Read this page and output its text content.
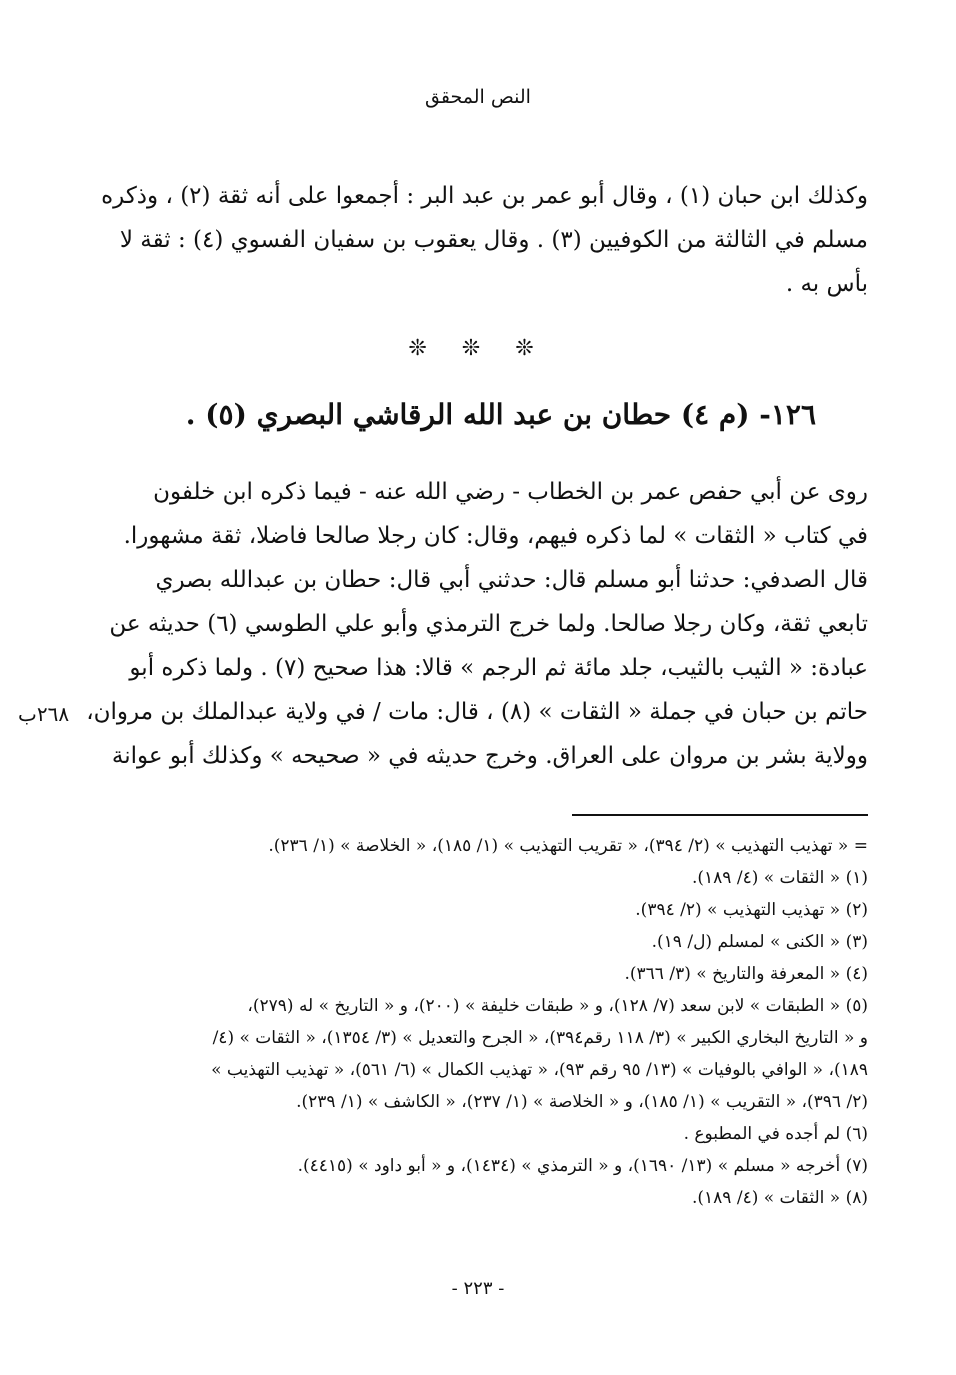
النص المحقق
وكذلك ابن حبان (١) ، وقال أبو عمر بن عبد البر : أجمعوا على أنه ثقة (٢) ، وذكره
مسلم في الثالثة من الكوفيين (٣) . وقال يعقوب بن سفيان الفسوي (٤) : ثقة لا
بأس به .
❊ ❊ ❊
١٢٦- (م ٤) حطان بن عبد الله الرقاشي البصري (٥) .
روى عن أبي حفص عمر بن الخطاب - رضي الله عنه - فيما ذكره ابن خلفون
في كتاب « الثقات » لما ذكره فيهم، وقال: كان رجلا صالحا فاضلا، ثقة مشهورا.
قال الصدفي: حدثنا أبو مسلم قال: حدثني أبي قال: حطان بن عبدالله بصري
تابعي ثقة، وكان رجلا صالحا. ولما خرج الترمذي وأبو علي الطوسي (٦) حديثه عن
عبادة: « الثيب بالثيب، جلد مائة ثم الرجم » قالا: هذا صحيح (٧) . ولما ذكره أبو
حاتم بن حبان في جملة « الثقات » (٨) ، قال: مات / في ولاية عبدالملك بن مروان،
وولاية بشر بن مروان على العراق. وخرج حديثه في « صحيحه » وكذلك أبو عوانة
٢٦٨ب
= « تهذيب التهذيب » (٢/ ٣٩٤)، « تقريب التهذيب » (١/ ١٨٥)، « الخلاصة » (١/ ٢٣٦).
(١) « الثقات » (٤/ ١٨٩).
(٢) « تهذيب التهذيب » (٢/ ٣٩٤).
(٣) « الكنى » لمسلم (ل/ ١٩).
(٤) « المعرفة والتاريخ » (٣/ ٣٦٦).
(٥) « الطبقات » لابن سعد (٧/ ١٢٨)، و « طبقات خليفة » (٢٠٠)، و « التاريخ » له (٢٧٩)،
و « التاريخ البخاري الكبير » (٣/ ١١٨ رقم٣٩٤)، « الجرح والتعديل » (٣/ ١٣٥٤)، « الثقات » (٤/
١٨٩)، « الوافي بالوفيات » (١٣/ ٩٥ رقم ٩٣)، « تهذيب الكمال » (٦/ ٥٦١)، « تهذيب التهذيب »
(٢/ ٣٩٦)، « التقريب » (١/ ١٨٥)، و « الخلاصة » (١/ ٢٣٧)، « الكاشف » (١/ ٢٣٩).
(٦) لم أجده في المطبوع .
(٧) أخرجه « مسلم » (١٣/ ١٦٩٠)، و « الترمذي » (١٤٣٤)، و « أبو داود » (٤٤١٥).
(٨) « الثقات » (٤/ ١٨٩).
- ٢٢٣ -
